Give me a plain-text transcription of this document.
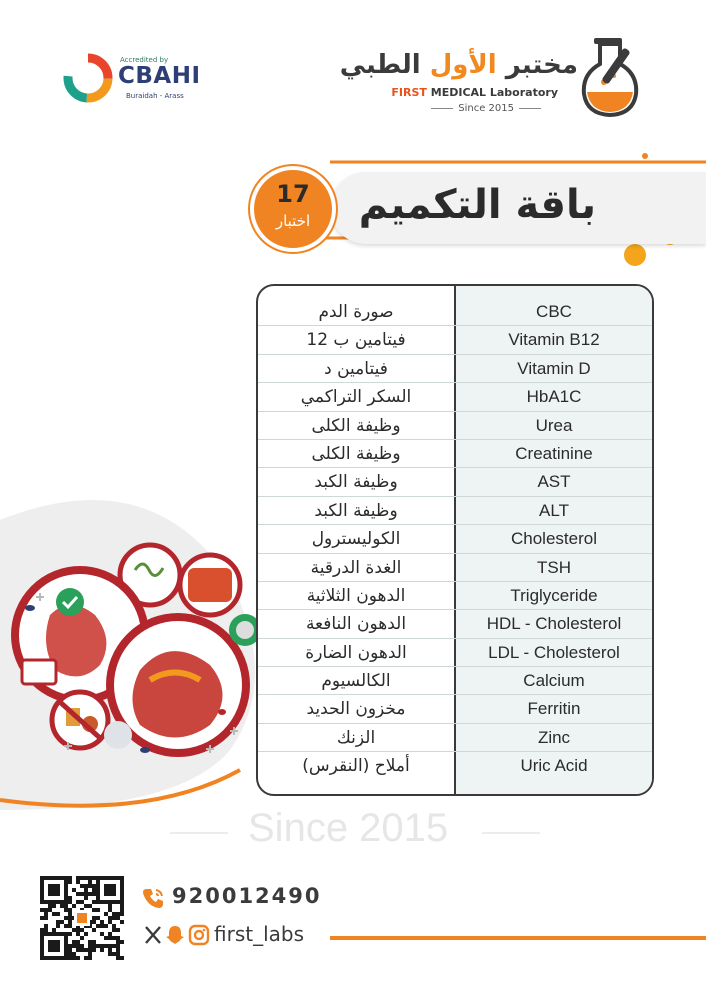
Accredited by
CBAHI
Buraidah - Arass
مختبر الأول الطبي
FIRST MEDICAL Laboratory
Since 2015
باقة التكميم
17
اختبار
صورة الدم	CBC
فيتامين ب 12	Vitamin B12
فيتامين د	Vitamin D
السكر التراكمي	HbA1C
وظيفة الكلى	Urea
وظيفة الكلى	Creatinine
وظيفة الكبد	AST
وظيفة الكبد	ALT
الكوليسترول	Cholesterol
الغدة الدرقية	TSH
الدهون الثلاثية	Triglyceride
الدهون النافعة	HDL - Cholesterol
الدهون الضارة	LDL - Cholesterol
الكالسيوم	Calcium
مخزون الحديد	Ferritin
الزنك	Zinc
أملاح (النقرس)	Uric Acid
Since 2015
920012490
first_labs
